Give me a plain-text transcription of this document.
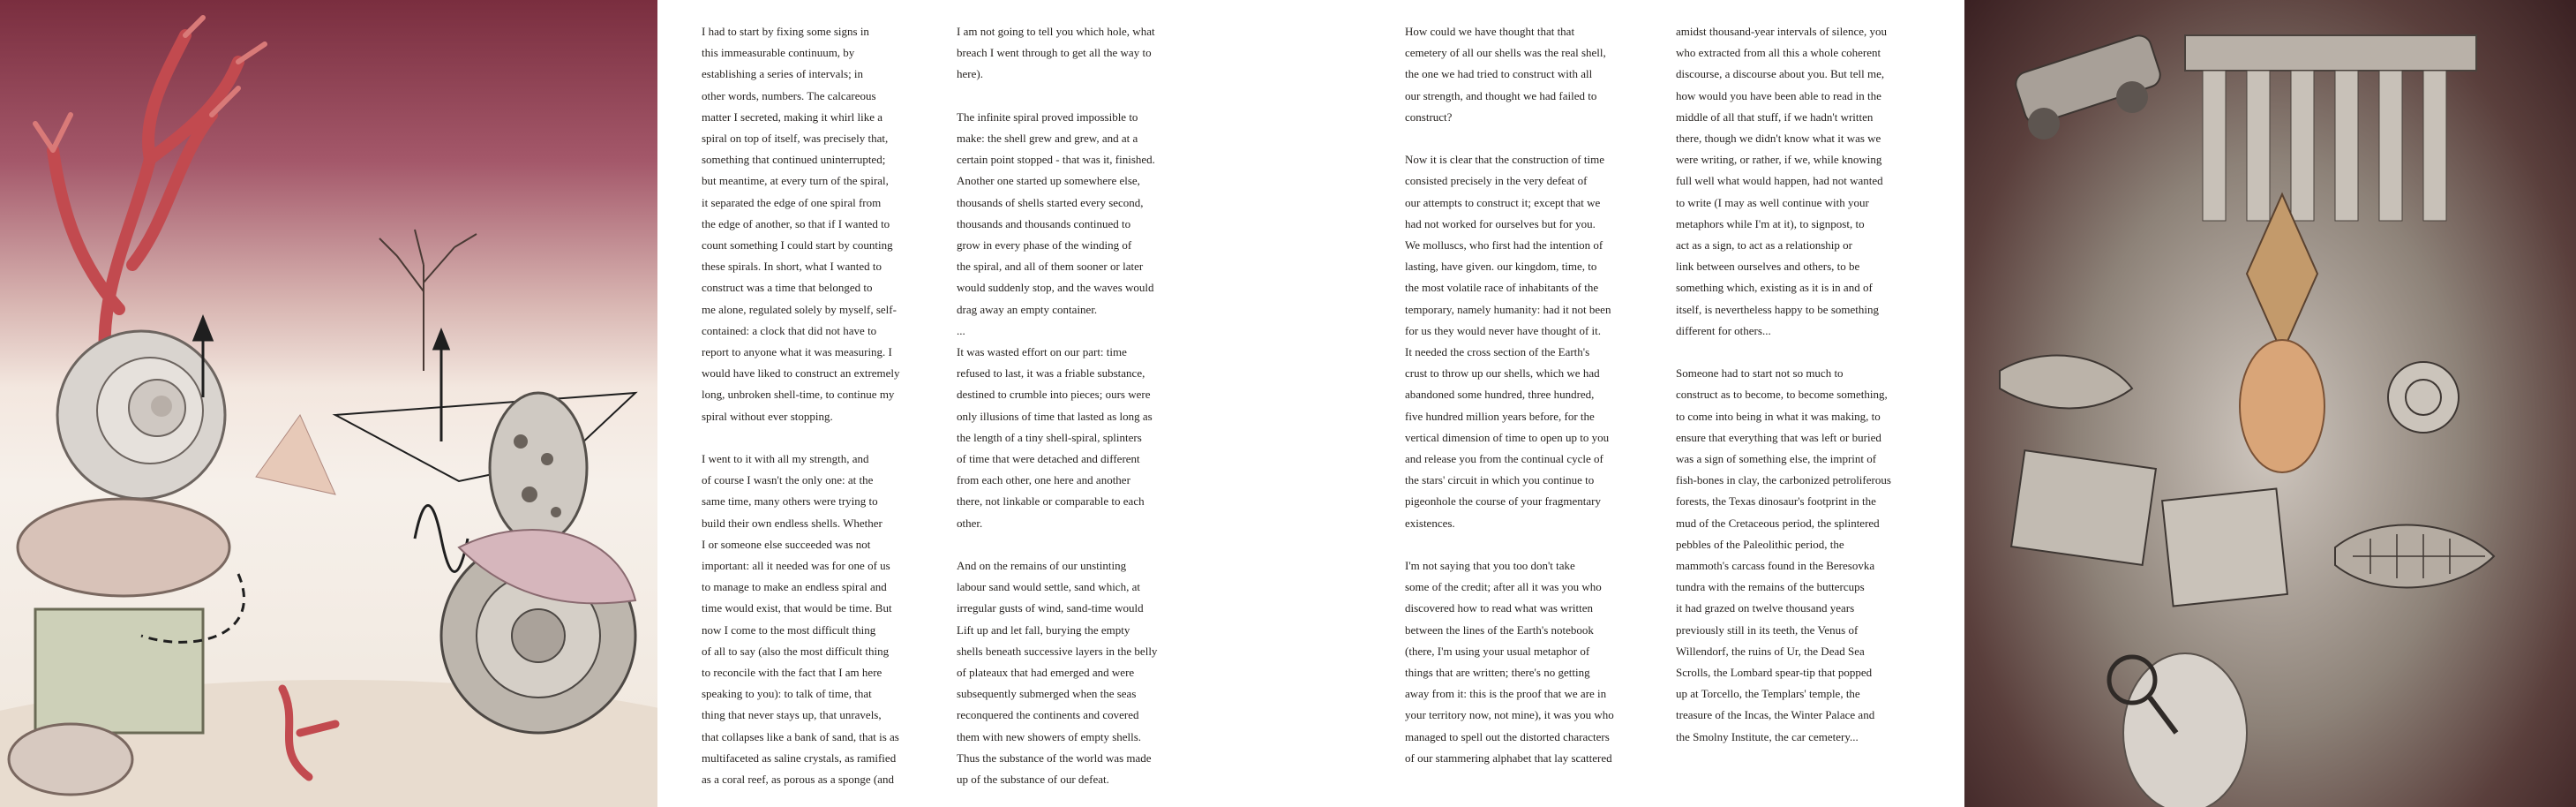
I had to start by fixing some signs in
this immeasurable continuum, by
establishing a series of intervals; in
other words, numbers. The calcareous
matter I secreted, making it whirl like a
spiral on top of itself, was precisely that,
something that continued uninterrupted;
but meantime, at every turn of the spiral,
it separated the edge of one spiral from
the edge of another, so that if I wanted to
count something I could start by counting
these spirals. In short, what I wanted to
construct was a time that belonged to
me alone, regulated solely by myself, self-
contained: a clock that did not have to
report to anyone what it was measuring. I
would have liked to construct an extremely
long, unbroken shell-time, to continue my
spiral without ever stopping.

I went to it with all my strength, and
of course I wasn't the only one: at the
same time, many others were trying to
build their own endless shells. Whether
I or someone else succeeded was not
important: all it needed was for one of us
to manage to make an endless spiral and
time would exist, that would be time. But
now I come to the most difficult thing
of all to say (also the most difficult thing
to reconcile with the fact that I am here
speaking to you): to talk of time, that
thing that never stays up, that unravels,
that collapses like a bank of sand, that is as
multifaceted as saline crystals, as ramified
as a coral reef, as porous as a sponge (and

I am not going to tell you which hole, what
breach I went through to get all the way to
here).

The infinite spiral proved impossible to
make: the shell grew and grew, and at a
certain point stopped - that was it, finished.
Another one started up somewhere else,
thousands of shells started every second,
thousands and thousands continued to
grow in every phase of the winding of
the spiral, and all of them sooner or later
would suddenly stop, and the waves would
drag away an empty container.
...

It was wasted effort on our part: time
refused to last, it was a friable substance,
destined to crumble into pieces; ours were
only illusions of time that lasted as long as
the length of a tiny shell-spiral, splinters
of time that were detached and different
from each other, one here and another
there, not linkable or comparable to each
other.

And on the remains of our unstinting
labour sand would settle, sand which, at
irregular gusts of wind, sand-time would
Lift up and let fall, burying the empty
shells beneath successive layers in the belly
of plateaux that had emerged and were
subsequently submerged when the seas
reconquered the continents and covered
them with new showers of empty shells.
Thus the substance of the world was made
up of the substance of our defeat.

How could we have thought that that
cemetery of all our shells was the real shell,
the one we had tried to construct with all
our strength, and thought we had failed to
construct?

Now it is clear that the construction of time
consisted precisely in the very defeat of
our attempts to construct it; except that we
had not worked for ourselves but for you.
We molluscs, who first had the intention of
lasting, have given. our kingdom, time, to
the most volatile race of inhabitants of the
temporary, namely humanity: had it not been
for us they would never have thought of it.
It needed the cross section of the Earth's
crust to throw up our shells, which we had
abandoned some hundred, three hundred,
five hundred million years before, for the
vertical dimension of time to open up to you
and release you from the continual cycle of
the stars' circuit in which you continue to
pigeonhole the course of your fragmentary
existences.

I'm not saying that you too don't take
some of the credit; after all it was you who
discovered how to read what was written
between the lines of the Earth's notebook
(there, I'm using your usual metaphor of
things that are written; there's no getting
away from it: this is the proof that we are in
your territory now, not mine), it was you who
managed to spell out the distorted characters
of our stammering alphabet that lay scattered

amidst thousand-year intervals of silence, you
who extracted from all this a whole coherent
discourse, a discourse about you. But tell me,
how would you have been able to read in the
middle of all that stuff, if we hadn't written
there, though we didn't know what it was we
were writing, or rather, if we, while knowing
full well what would happen, had not wanted
to write (I may as well continue with your
metaphors while I'm at it), to signpost, to
act as a sign, to act as a relationship or
link between ourselves and others, to be
something which, existing as it is in and of
itself, is nevertheless happy to be something
different for others...

Someone had to start not so much to
construct as to become, to become something,
to come into being in what it was making, to
ensure that everything that was left or buried
was a sign of something else, the imprint of
fish-bones in clay, the carbonized petroliferous
forests, the Texas dinosaur's footprint in the
mud of the Cretaceous period, the splintered
pebbles of the Paleolithic period, the
mammoth's carcass found in the Beresovka
tundra with the remains of the buttercups
it had grazed on twelve thousand years
previously still in its teeth, the Venus of
Willendorf, the ruins of Ur, the Dead Sea
Scrolls, the Lombard spear-tip that popped
up at Torcello, the Templars' temple, the
treasure of the Incas, the Winter Palace and
the Smolny Institute, the car cemetery...
